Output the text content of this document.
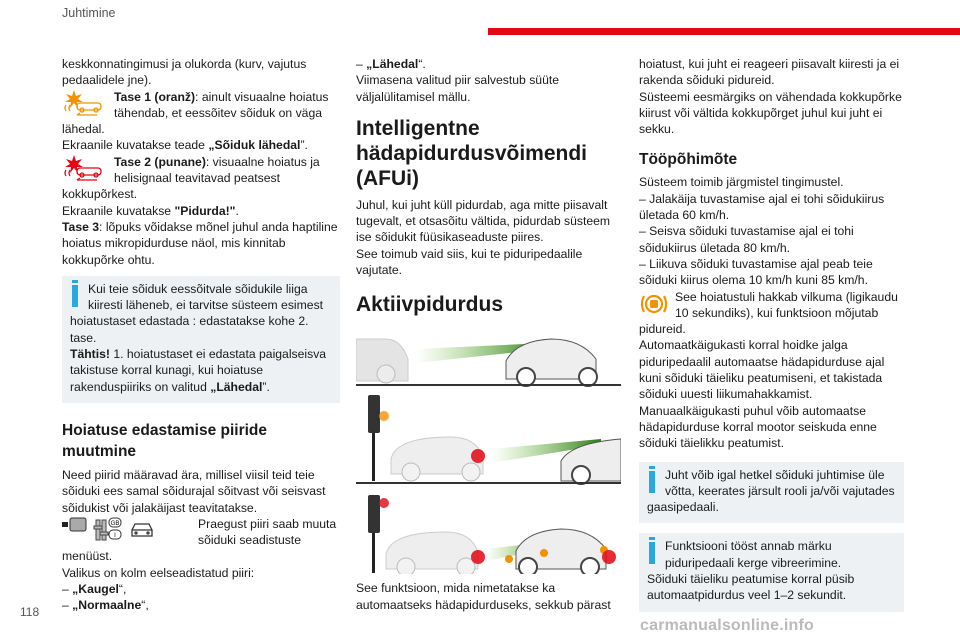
Juhtimine
118
carmanualsonline.info

keskkonnatingimusi ja olukorda (kurv, vajutus pedaalidele jne).

Tase 1 (oranž): ainult visuaalne hoiatus tähendab, et eessõitev sõiduk on väga lähedal.

Ekraanile kuvatakse teade „Sõiduk lähedal”.

Tase 2 (punane): visuaalne hoiatus ja helisignaal teavitavad peatsest kokkupõrkest.

Ekraanile kuvatakse "Pidurda!".

Tase 3: lõpuks võidakse mõnel juhul anda haptiline hoiatus mikropidurduse näol, mis kinnitab kokkupõrke ohtu.

Kui teie sõiduk eessõitvale sõidukile liiga kiiresti läheneb, ei tarvitse süsteem esimest hoiatustaset edastada : edastatakse kohe 2. tase.
Tähtis! 1. hoiatustaset ei edastata paigalseisva takistuse korral kunagi, kui hoiatuse rakenduspiiriks on valitud „Lähedal”.
Hoiatuse edastamise piiride muutmine

Need piirid määravad ära, millisel viisil teid teie sõiduki ees samal sõidurajal sõitvast või seisvast sõidukist või jalakäijast teavitatakse.

GB
I
Praegust piiri saab muuta sõiduki seadistuste menüüst.

Valikus on kolm eelseadistatud piiri:

– „Kaugel“,

– „Normaalne“,

– „Lähedal“.

Viimasena valitud piir salvestub süüte väljalülitamisel mällu.

Intelligentne hädapidurdusvõimendi (AFUi)

Juhul, kui juht küll pidurdab, aga mitte piisavalt tugevalt, et otsasõitu vältida, pidurdab süsteem ise sõidukit füüsikaseaduste piires.

See toimub vaid siis, kui te piduripedaalile vajutate.

Aktiivpidurdus

See funktsioon, mida nimetatakse ka automaatseks hädapidurduseks, sekkub pärast

hoiatust, kui juht ei reageeri piisavalt kiiresti ja ei rakenda sõiduki pidureid.

Süsteemi eesmärgiks on vähendada kokkupõrke kiirust või vältida kokkupõrget juhul kui juht ei sekku.

Tööpõhimõte

Süsteem toimib järgmistel tingimustel.

– Jalakäija tuvastamise ajal ei tohi sõidukiirus ületada 60 km/h.

– Seisva sõiduki tuvastamise ajal ei tohi sõidukiirus ületada 80 km/h.

– Liikuva sõiduki tuvastamise ajal peab teie sõiduki kiirus olema 10 km/h kuni 85 km/h.

See hoiatustuli hakkab vilkuma (ligikaudu 10 sekundiks), kui funktsioon mõjutab pidureid.

Automaatkäigukasti korral hoidke jalga piduripedaalil automaatse hädapidurduse ajal kuni sõiduki täieliku peatumiseni, et takistada sõiduki uuesti liikumahakkamist.

Manuaalkäigukasti puhul võib automaatse hädapidurduse korral mootor seiskuda enne sõiduki täielikku peatumist.

Juht võib igal hetkel sõiduki juhtimise üle võtta, keerates järsult rooli ja/või vajutades gaasipedaali.
Funktsiooni tööst annab märku piduripedaali kerge vibreerimine.
Sõiduki täieliku peatumise korral püsib automaatpidurdus veel 1–2 sekundit.
